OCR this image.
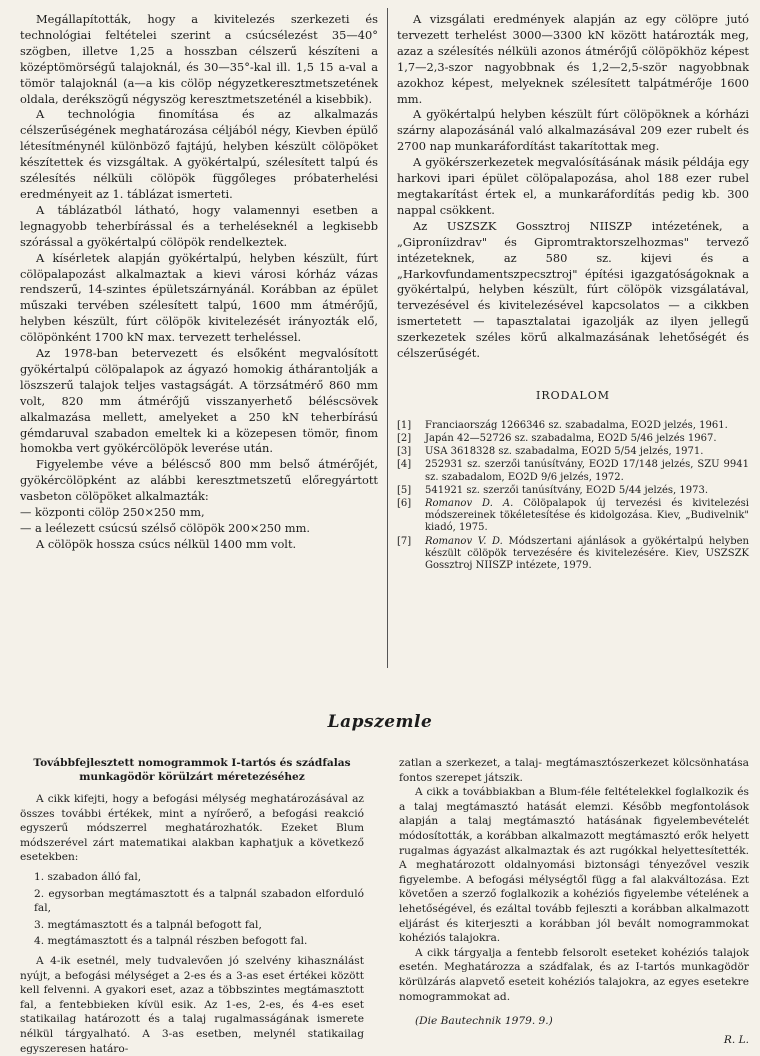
Megállapították, hogy a kivitelezés szerkezeti és technológiai feltételei szerint a csúcsélezést 35—40° szögben, illetve 1,25 a hosszban célszerű készíteni a középtömörségű talajoknál, és 30—35°-kal ill. 1,5 15 a-val a tömör talajoknál (a—a kis cölöp négyzetkeresztmetszetének oldala, derékszögű négyszög keresztmetszeténél a kisebbik).

A technológia finomítása és az alkalmazás célszerűségének meghatározása céljából négy, Kievben épülő létesítménynél különböző fajtájú, helyben készült cölöpöket készítettek és vizsgáltak. A gyökértalpú, szélesített talpú és szélesítés nélküli cölöpök függőleges próbaterhelési eredményeit az 1. táblázat ismerteti.

A táblázatból látható, hogy valamennyi esetben a legnagyobb teherbírással és a terheléseknél a legkisebb szórással a gyökértalpú cölöpök rendelkeztek.

A kísérletek alapján gyökértalpú, helyben készült, fúrt cölöpalapozást alkalmaztak a kievi városi kórház vázas rendszerű, 14-szintes épületszárnyánál. Korábban az épület műszaki tervében szélesített talpú, 1600 mm átmérőjű, helyben készült, fúrt cölöpök kivitelezését irányozták elő, cölöpönként 1700 kN max. tervezett terheléssel.

Az 1978-ban betervezett és elsőként megvalósított gyökértalpú cölöpalapok az ágyazó homokig áthárantolják a löszszerű talajok teljes vastagságát. A törzsátmérő 860 mm volt, 820 mm átmérőjű visszanyerhető béléscsövek alkalmazása mellett, amelyeket a 250 kN teherbírású gémdaruval szabadon emeltek ki a közepesen tömör, finom homokba vert gyökércölöpök leverése után.

Figyelembe véve a béléscső 800 mm belső átmérőjét, gyökércölöpként az alábbi keresztmetszetű előregyártott vasbeton cölöpöket alkalmazták:

— központi cölöp 250×250 mm,

— a leélezett csúcsú szélső cölöpök 200×250 mm.

A cölöpök hossza csúcs nélkül 1400 mm volt.

A vizsgálati eredmények alapján az egy cölöpre jutó tervezett terhelést 3000—3300 kN között határozták meg, azaz a szélesítés nélküli azonos átmérőjű cölöpökhöz képest 1,7—2,3-szor nagyobbnak és 1,2—2,5-ször nagyobbnak azokhoz képest, melyeknek szélesített talpátmérője 1600 mm.

A gyökértalpú helyben készült fúrt cölöpöknek a kórházi szárny alapozásánál való alkalmazásával 209 ezer rubelt és 2700 nap munkaráfordítást takarítottak meg.

A gyökérszerkezetek megvalósításának másik példája egy harkovi ipari épület cölöpalapozása, ahol 188 ezer rubel megtakarítást értek el, a munkaráfordítás pedig kb. 300 nappal csökkent.

Az USZSZK Gossztroj NIISZP intézetének, a „Giproníizdrav" és Gipromtraktorszelhozmas" tervező intézeteknek, az 580 sz. kijevi és a „Harkovfundamentszpecsztroj" építési igazgatóságoknak a gyökértalpú, helyben készült, fúrt cölöpök vizsgálatával, tervezésével és kivitelezésével kapcsolatos — a cikkben ismertetett — tapasztalatai igazolják az ilyen jellegű szerkezetek széles körű alkalmazásának lehetőségét és célszerűségét.

IRODALOM

[1] Franciaország 1266346 sz. szabadalma, EO2D jelzés, 1961.
[2] Japán 42—52726 sz. szabadalma, EO2D 5/46 jelzés 1967.
[3] USA 3618328 sz. szabadalma, EO2D 5/54 jelzés, 1971.
[4] 252931 sz. szerzői tanúsítvány, EO2D 17/148 jelzés, SZU 9941 sz. szabadalom, EO2D 9/6 jelzés, 1972.
[5] 541921 sz. szerzői tanúsítvány, EO2D 5/44 jelzés, 1973.
[6] Romanov D. A. Cölöpalapok új tervezési és kivitelezési módszereinek tökéletesítése és kidolgozása. Kiev, „Budivelnik" kiadó, 1975.
[7] Romanov V. D. Módszertani ajánlások a gyökértalpú helyben készült cölöpök tervezésére és kivitelezésére. Kiev, USZSZK Gossztroj NIISZP intézete, 1979.
Lapszemle

Továbbfejlesztett nomogrammok I-tartós és szádfalas munkagödör körülzárt méretezéséhez

A cikk kifejti, hogy a befogási mélység meghatározásával az összes további értékek, mint a nyírőerő, a befogási reakció egyszerű módszerrel meghatározhatók. Ezeket Blum módszerével zárt matematikai alakban kaphatjuk a következő esetekben:

1. szabadon álló fal,
2. egysorban megtámasztott és a talpnál szabadon elforduló fal,
3. megtámasztott és a talpnál befogott fal,
4. megtámasztott és a talpnál részben befogott fal.

A 4-ik esetnél, mely tudvalevően jó szelvény kihasználást nyújt, a befogási mélységet a 2-es és a 3-as eset értékei között kell felvenni. A gyakori eset, azaz a többszintes megtámasztott fal, a fentebbieken kívül esik. Az 1-es, 2-es, és 4-es eset statikailag határozott és a talaj rugalmasságának ismerete nélkül tárgyalható. A 3-as esetben, melynél statikailag egyszeresen határo-

zatlan a szerkezet, a talaj- megtámasztószerkezet kölcsönhatása fontos szerepet játszik.

A cikk a továbbiakban a Blum-féle feltételekkel foglalkozik és a talaj megtámasztó hatását elemzi. Később megfontolások alapján a talaj megtámasztó hatásának figyelembevételét módosították, a korábban alkalmazott megtámasztó erők helyett rugalmas ágyazást alkalmaztak és azt rugókkal helyettesítették. A meghatározott oldalnyomási biztonsági tényezővel veszik figyelembe. A befogási mélységtől függ a fal alakváltozása. Ezt követően a szerző foglalkozik a kohéziós figyelembe vételének a lehetőségével, és ezáltal tovább fejleszti a korábban alkalmazott eljárást és kiterjeszti a korábban jól bevált nomogrammokat kohéziós talajokra.

A cikk tárgyalja a fentebb felsorolt eseteket kohéziós talajok esetén. Meghatározza a szádfalak, és az I-tartós munkagödör körülzárás alapvető eseteit kohéziós talajokra, az egyes esetekre nomogrammokat ad.

(Die Bautechnik 1979. 9.)

R. L.
